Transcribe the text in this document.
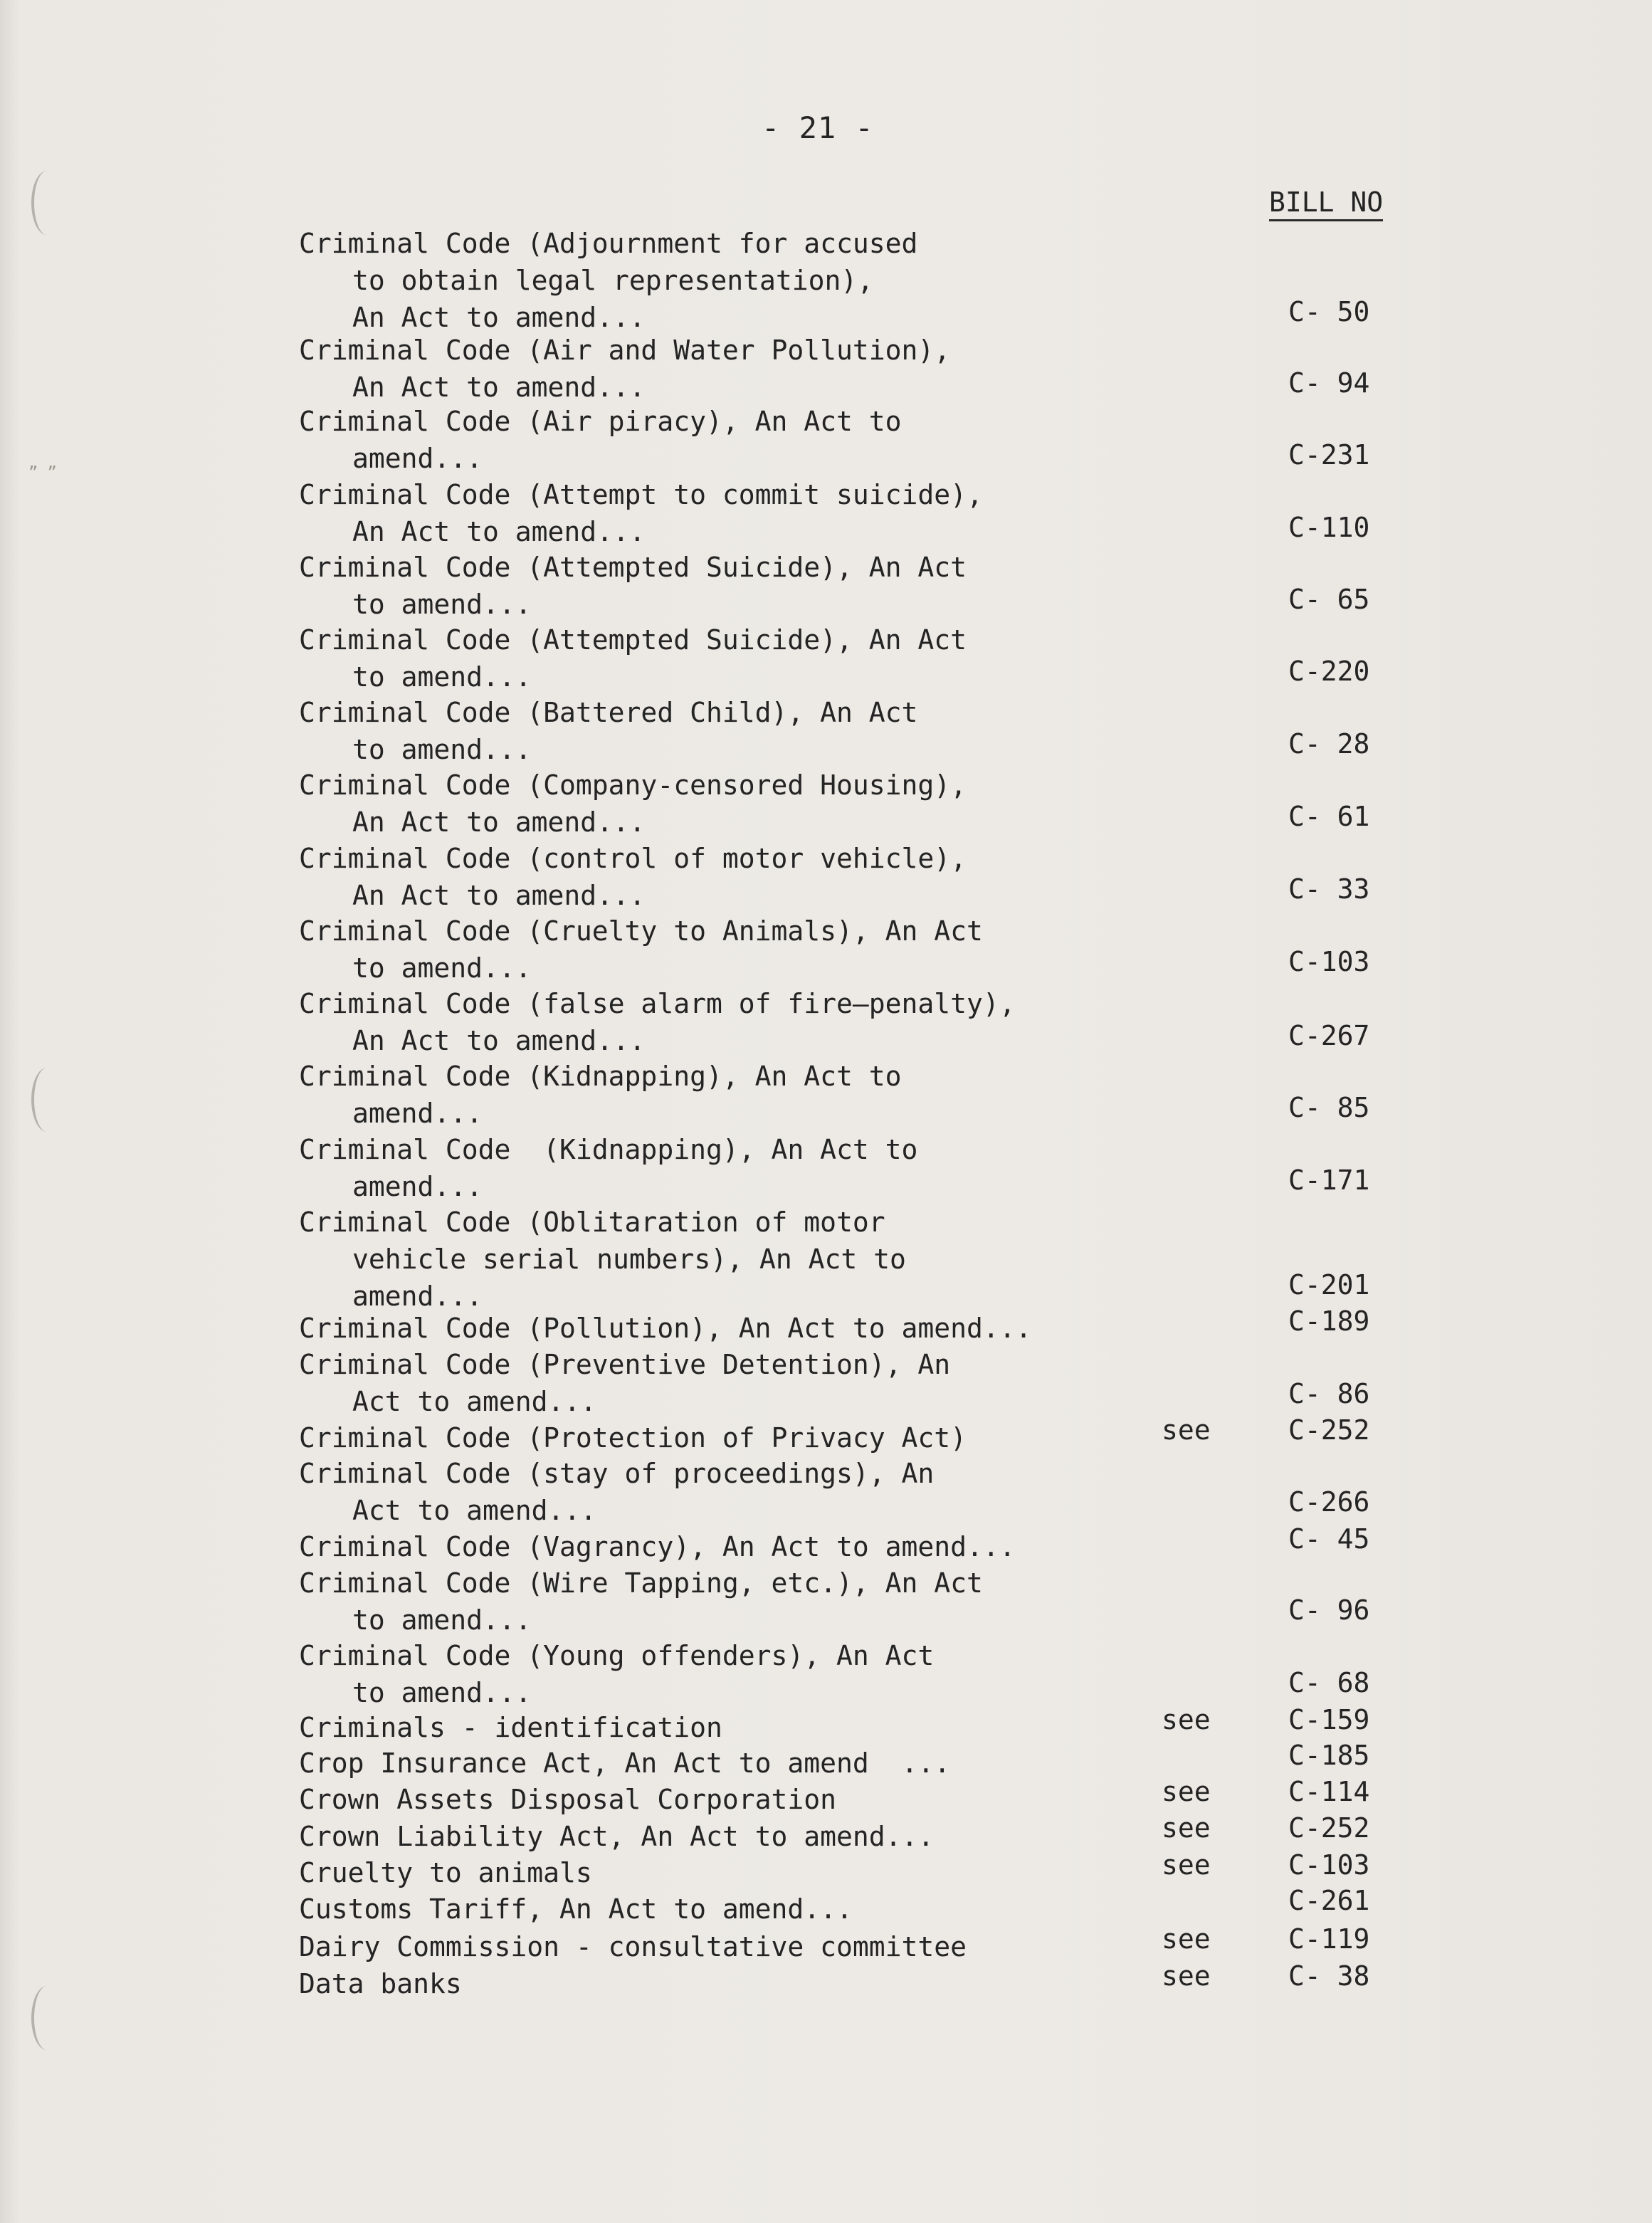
” ”
- 21 -
BILL NO
Criminal Code (Adjournment for accused
to obtain legal representation),
An Act to amend...	C- 50
Criminal Code (Air and Water Pollution),
An Act to amend...	C- 94
Criminal Code (Air piracy), An Act to
amend...	C-231
Criminal Code (Attempt to commit suicide),
An Act to amend...	C-110
Criminal Code (Attempted Suicide), An Act
to amend...	C- 65
Criminal Code (Attempted Suicide), An Act
to amend...	C-220
Criminal Code (Battered Child), An Act
to amend...	C- 28
Criminal Code (Company-censored Housing),
An Act to amend...	C- 61
Criminal Code (control of motor vehicle),
An Act to amend...	C- 33
Criminal Code (Cruelty to Animals), An Act
to amend...	C-103
Criminal Code (false alarm of fire—penalty),
An Act to amend...	C-267
Criminal Code (Kidnapping), An Act to
amend...	C- 85
Criminal Code  (Kidnapping), An Act to
amend...	C-171
Criminal Code (Oblitaration of motor
vehicle serial numbers), An Act to
amend...	C-201
Criminal Code (Pollution), An Act to amend...	C-189
Criminal Code (Preventive Detention), An
Act to amend...	C- 86
Criminal Code (Protection of Privacy Act)	see	C-252
Criminal Code (stay of proceedings), An
Act to amend...	C-266
Criminal Code (Vagrancy), An Act to amend...	C- 45
Criminal Code (Wire Tapping, etc.), An Act
to amend...	C- 96
Criminal Code (Young offenders), An Act
to amend...	C- 68
Criminals - identification	see	C-159
Crop Insurance Act, An Act to amend  ...	C-185
Crown Assets Disposal Corporation	see	C-114
Crown Liability Act, An Act to amend...	see	C-252
Cruelty to animals	see	C-103
Customs Tariff, An Act to amend...	C-261
Dairy Commission - consultative committee	see	C-119
Data banks	see	C- 38
